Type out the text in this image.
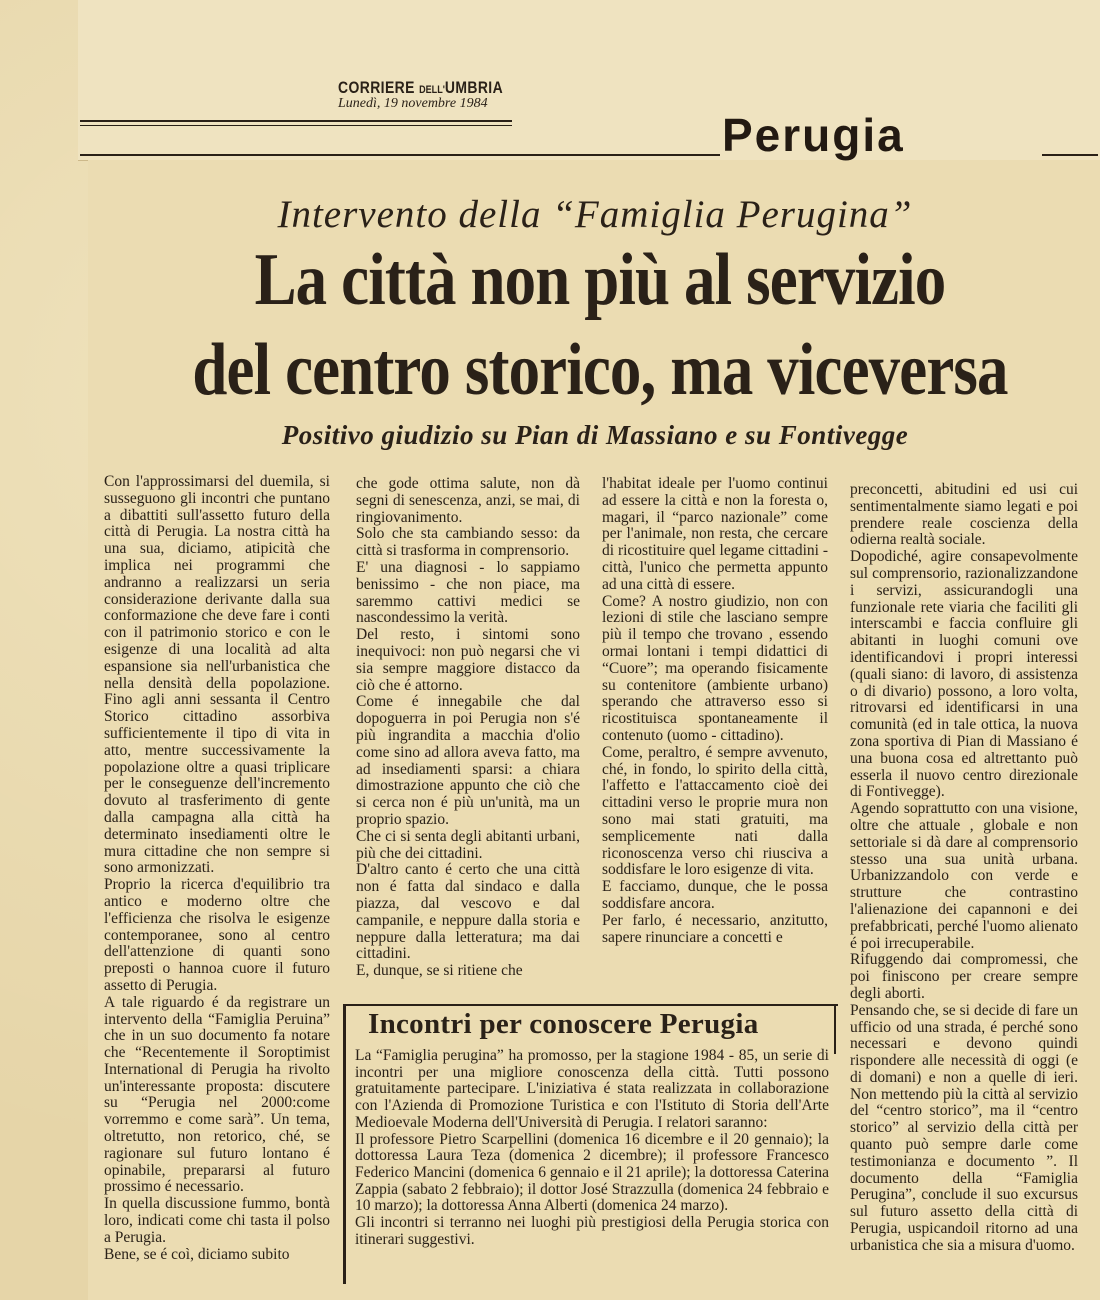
CORRIERE DELL'UMBRIA
Lunedì, 19 novembre 1984
Perugia
Intervento della “Famiglia Perugina”
La città non più al servizio
del centro storico, ma viceversa
Positivo giudizio su Pian di Massiano e su Fontivegge
Con l'approssimarsi del duemila, si susseguono gli incontri che puntano a dibattiti sull'assetto futuro della città di Perugia. La nostra città ha una sua, diciamo, atipicità che implica nei programmi che andranno a realizzarsi un seria considerazione derivante dalla sua conformazione che deve fare i conti con il patrimonio storico e con le esigenze di una località ad alta espansione sia nell'urbanistica che nella densità della popolazione. Fino agli anni sessanta il Centro Storico cittadino assorbiva sufficientemente il tipo di vita in atto, mentre successivamente la popolazione oltre a quasi triplicare per le conseguenze dell'incremento dovuto al trasferimento di gente dalla campagna alla città ha determinato insediamenti oltre le mura cittadine che non sempre si sono armonizzati.
Proprio la ricerca d'equilibrio tra antico e moderno oltre che l'efficienza che risolva le esigenze contemporanee, sono al centro dell'attenzione di quanti sono preposti o hannoa cuore il futuro assetto di Perugia.
A tale riguardo é da registrare un intervento della “Famiglia Peruina” che in un suo documento fa notare che “Recentemente il Soroptimist International di Perugia ha rivolto un'interessante proposta: discutere su “Perugia nel 2000:come vorremmo e come sarà”. Un tema, oltretutto, non retorico, ché, se ragionare sul futuro lontano é opinabile, prepararsi al futuro prossimo é necessario.
In quella discussione fummo, bontà loro, indicati come chi tasta il polso a Perugia.
Bene, se é coì, diciamo subito
che gode ottima salute, non dà segni di senescenza, anzi, se mai, di ringiovanimento.
Solo che sta cambiando sesso: da città si trasforma in comprensorio.
E' una diagnosi - lo sappiamo benissimo - che non piace, ma saremmo cattivi medici se nascondessimo la verità.
Del resto, i sintomi sono inequivoci: non può negarsi che vi sia sempre maggiore distacco da ciò che é attorno.
Come é innegabile che dal dopoguerra in poi Perugia non s'é più ingrandita a macchia d'olio come sino ad allora aveva fatto, ma ad insediamenti sparsi: a chiara dimostrazione appunto che ciò che si cerca non é più un'unità, ma un proprio spazio.
Che ci si senta degli abitanti urbani, più che dei cittadini.
D'altro canto é certo che una città non é fatta dal sindaco e dalla piazza, dal vescovo e dal campanile, e neppure dalla storia e neppure dalla letteratura; ma dai cittadini.
E, dunque, se si ritiene che
l'habitat ideale per l'uomo continui ad essere la città e non la foresta o, magari, il “parco nazionale” come per l'animale, non resta, che cercare di ricostituire quel legame cittadini - città, l'unico che permetta appunto ad una città di essere.
Come? A nostro giudizio, non con lezioni di stile che lasciano sempre più il tempo che trovano , essendo ormai lontani i tempi didattici di “Cuore”; ma operando fisicamente su contenitore (ambiente urbano) sperando che attraverso esso si ricostituisca spontaneamente il contenuto (uomo - cittadino).
Come, peraltro, é sempre avvenuto, ché, in fondo, lo spirito della città, l'affetto e l'attaccamento cioè dei cittadini verso le proprie mura non sono mai stati gratuiti, ma semplicemente nati dalla riconoscenza verso chi riusciva a soddisfare le loro esigenze di vita.
E facciamo, dunque, che le possa soddisfare ancora.
Per farlo, é necessario, anzitutto, sapere rinunciare a concetti e
preconcetti, abitudini ed usi cui sentimentalmente siamo legati e poi prendere reale coscienza della odierna realtà sociale.
Dopodiché, agire consapevolmente sul comprensorio, razionalizzandone i servizi, assicurandogli una funzionale rete viaria che faciliti gli interscambi e faccia confluire gli abitanti in luoghi comuni ove identificandovi i propri interessi (quali siano: di lavoro, di assistenza o di divario) possono, a loro volta, ritrovarsi ed identificarsi in una comunità (ed in tale ottica, la nuova zona sportiva di Pian di Massiano é una buona cosa ed altrettanto può esserla il nuovo centro direzionale di Fontivegge).
Agendo soprattutto con una visione, oltre che attuale , globale e non settoriale si dà dare al comprensorio stesso una sua unità urbana. Urbanizzandolo con verde e strutture che contrastino l'alienazione dei capannoni e dei prefabbricati, perché l'uomo alienato é poi irrecuperabile.
Rifuggendo dai compromessi, che poi finiscono per creare sempre degli aborti.
Pensando che, se si decide di fare un ufficio od una strada, é perché sono necessari e devono quindi rispondere alle necessità di oggi (e di domani) e non a quelle di ieri. Non mettendo più la città al servizio del “centro storico”, ma il “centro storico” al servizio della città per quanto può sempre darle come testimonianza e documento ”. Il documento della “Famiglia Perugina”, conclude il suo excursus sul futuro assetto della città di Perugia, uspicandoil ritorno ad una urbanistica che sia a misura d'uomo.
Incontri per conoscere Perugia
La “Famiglia perugina” ha promosso, per la stagione 1984 - 85, un serie di incontri per una migliore conoscenza della città. Tutti possono gratuitamente partecipare. L'iniziativa é stata realizzata in collaborazione con l'Azienda di Promozione Turistica e con l'Istituto di Storia dell'Arte Medioevale Moderna dell'Università di Perugia. I relatori saranno:
Il professore Pietro Scarpellini (domenica 16 dicembre e il 20 gennaio); la dottoressa Laura Teza (domenica 2 dicembre); il professore Francesco Federico Mancini (domenica 6 gennaio e il 21 aprile); la dottoressa Caterina Zappia (sabato 2 febbraio); il dottor José Strazzulla (domenica 24 febbraio e 10 marzo); la dottoressa Anna Alberti (domenica 24 marzo).
Gli incontri si terranno nei luoghi più prestigiosi della Perugia storica con itinerari suggestivi.
